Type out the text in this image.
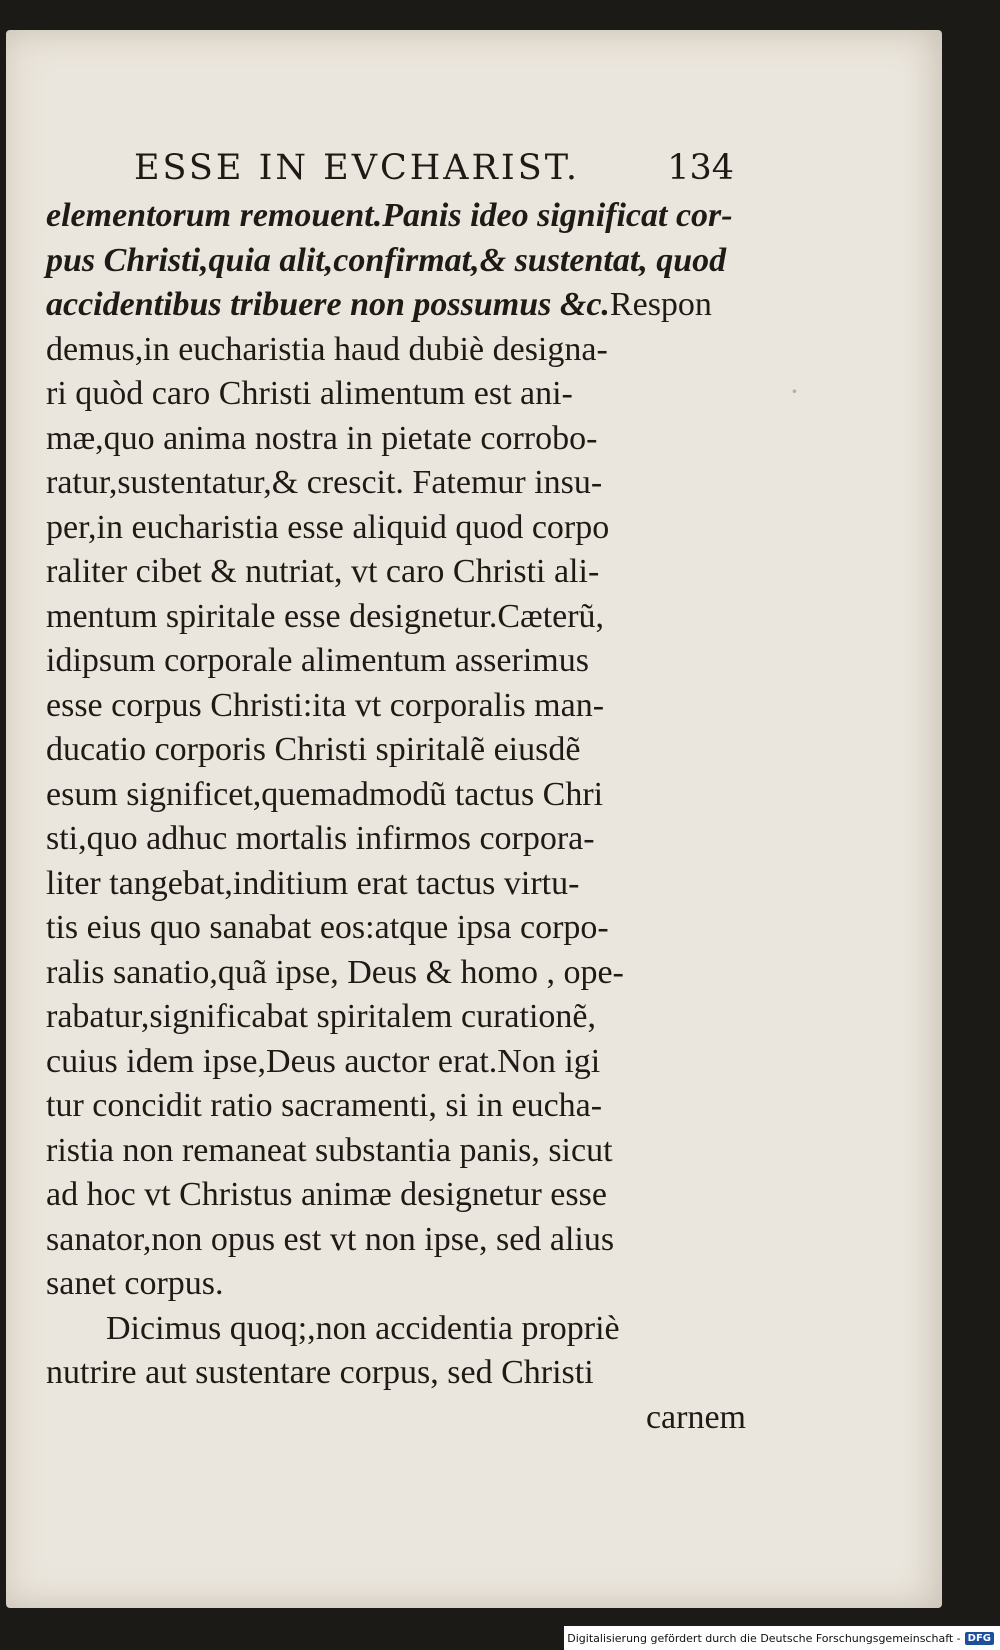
ESSE IN EVCHARIST. 134
elementorum remouent.Panis ideo significat cor-
pus Christi,quia alit,confirmat,& sustentat, quod
accidentibus tribuere non possumus &c.Respon
demus,in eucharistia haud dubiè designa-
ri quòd caro Christi alimentum est ani-
mæ,quo anima nostra in pietate corrobo-
ratur,sustentatur,& crescit. Fatemur insu-
per,in eucharistia esse aliquid quod corpo
raliter cibet & nutriat, vt caro Christi ali-
mentum spiritale esse designetur.Cæterũ,
idipsum corporale alimentum asserimus
esse corpus Christi:ita vt corporalis man-
ducatio corporis Christi spiritalẽ eiusdẽ
esum significet,quemadmodũ tactus Chri
sti,quo adhuc mortalis infirmos corpora-
liter tangebat,inditium erat tactus virtu-
tis eius quo sanabat eos:atque ipsa corpo-
ralis sanatio,quã ipse, Deus & homo , ope-
rabatur,significabat spiritalem curationẽ,
cuius idem ipse,Deus auctor erat.Non igi
tur concidit ratio sacramenti, si in eucha-
ristia non remaneat substantia panis, sicut
ad hoc vt Christus animæ designetur esse
sanator,non opus est vt non ipse, sed alius
sanet corpus.
Dicimus quoq;,non accidentia propriè
nutrire aut sustentare corpus, sed Christi
carnem
·
Digitalisierung gefördert durch die Deutsche Forschungsgemeinschaft - DFG
